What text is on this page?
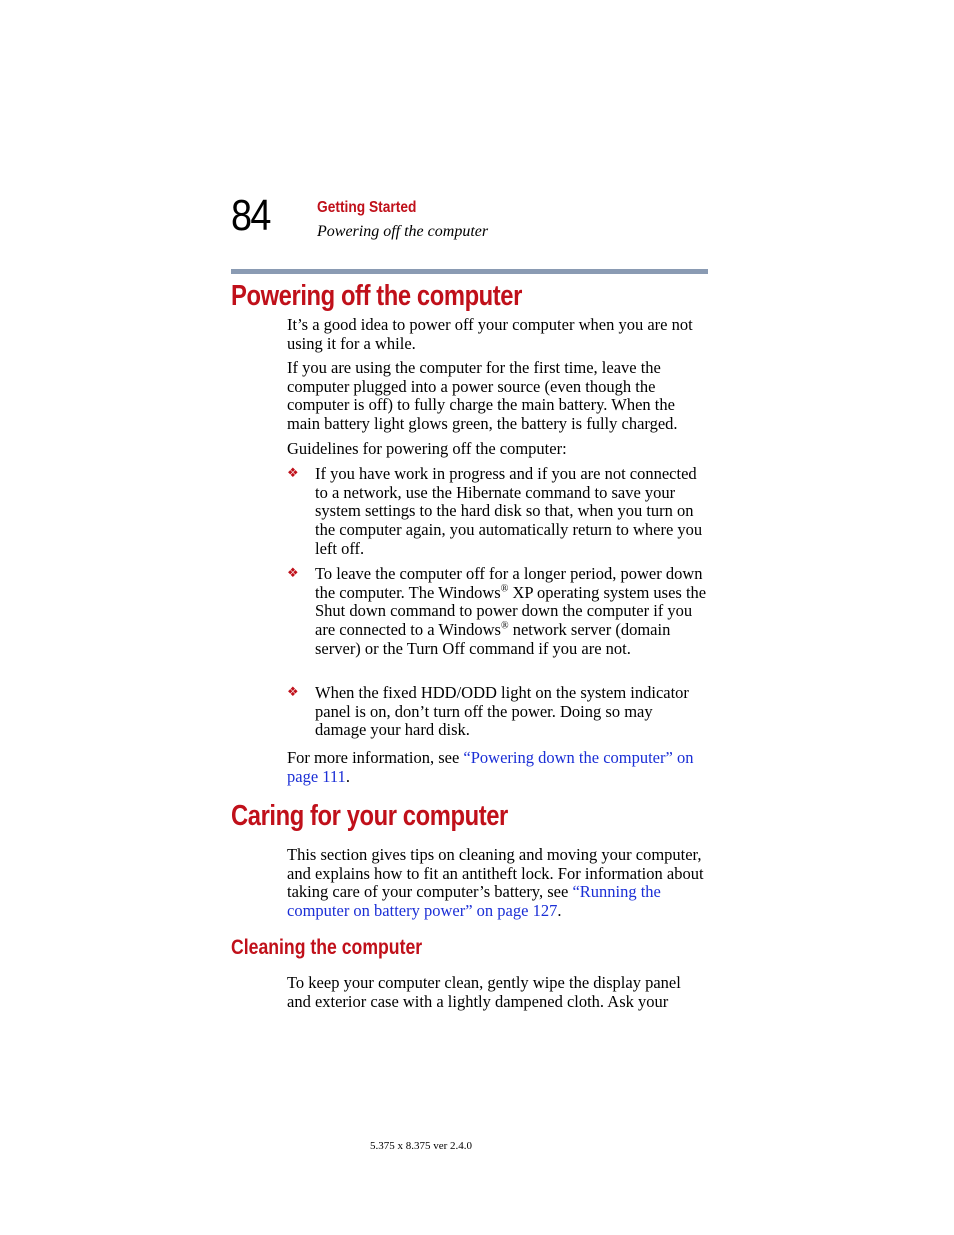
84	Getting Started
Powering off the computer
Powering off the computer

It’s a good idea to power off your computer when you are not using it for a while.

If you are using the computer for the first time, leave the computer plugged into a power source (even though the computer is off) to fully charge the main battery. When the main battery light glows green, the battery is fully charged.

Guidelines for powering off the computer:

❖ If you have work in progress and if you are not connected to a network, use the Hibernate command to save your system settings to the hard disk so that, when you turn on the computer again, you automatically return to where you left off.

❖ To leave the computer off for a longer period, power down the computer. The Windows® XP operating system uses the Shut down command to power down the computer if you are connected to a Windows® network server (domain server) or the Turn Off command if you are not.

❖ When the fixed HDD/ODD light on the system indicator panel is on, don’t turn off the power. Doing so may damage your hard disk.

For more information, see “Powering down the computer” on page 111.

Caring for your computer

This section gives tips on cleaning and moving your computer, and explains how to fit an antitheft lock. For information about taking care of your computer’s battery, see “Running the computer on battery power” on page 127.

Cleaning the computer

To keep your computer clean, gently wipe the display panel and exterior case with a lightly dampened cloth. Ask your

5.375 x 8.375 ver 2.4.0
